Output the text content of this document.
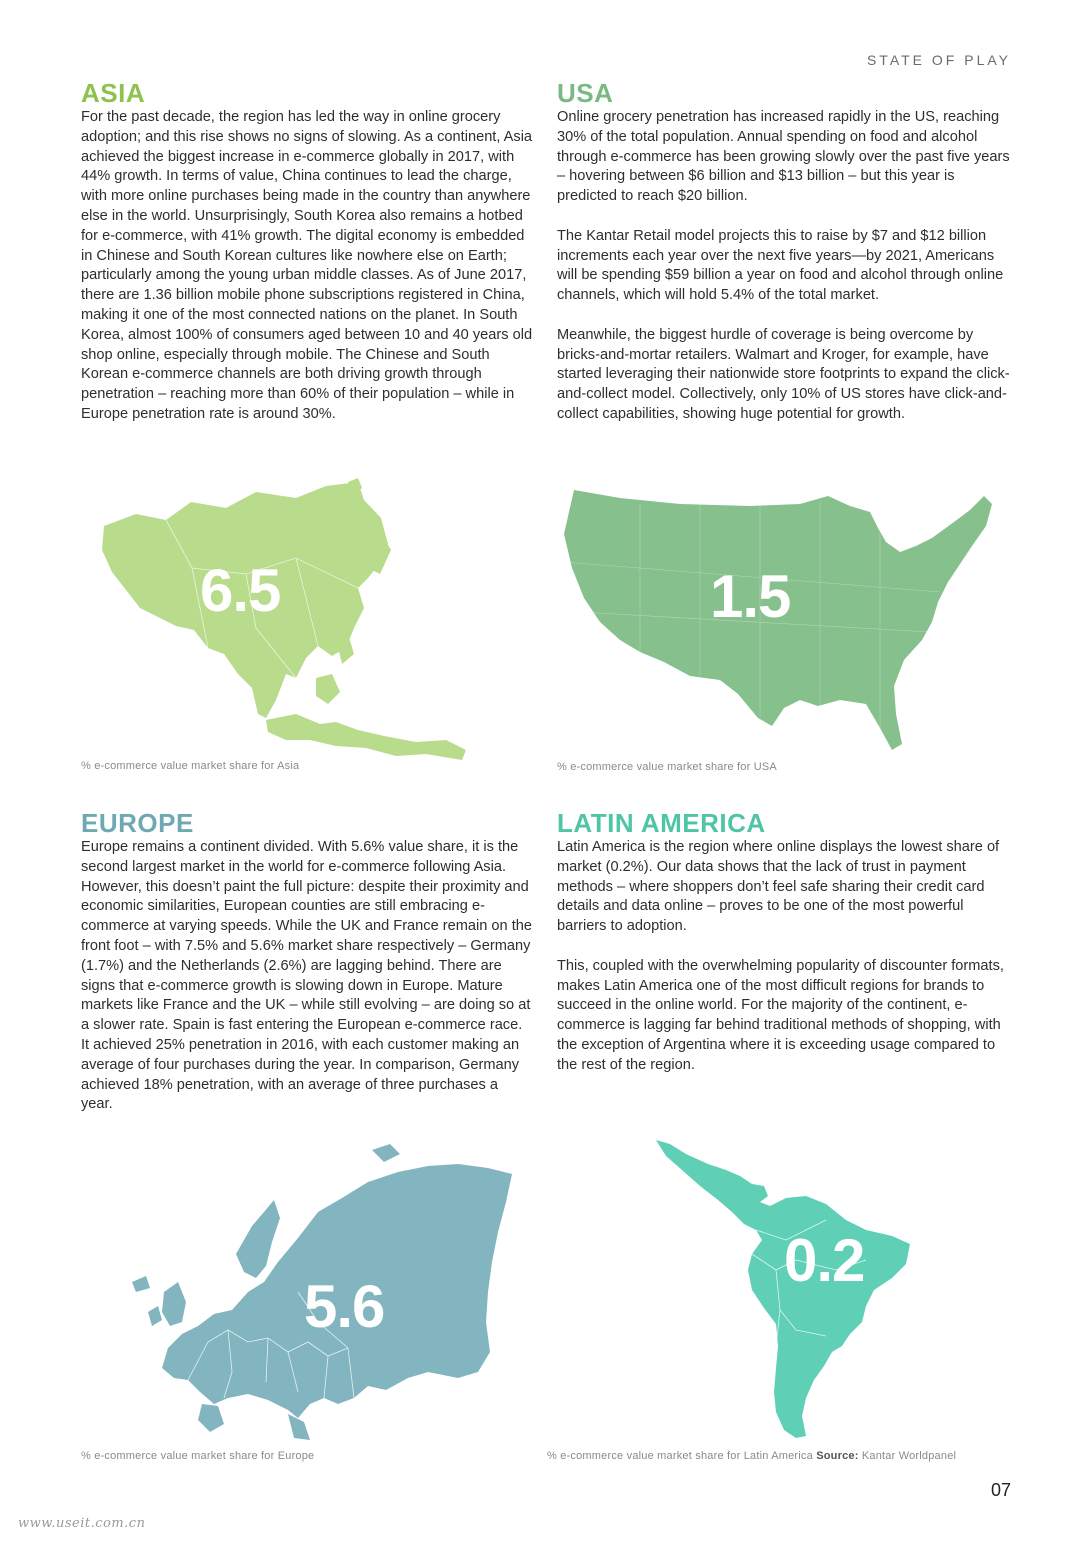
STATE OF PLAY
ASIA

For the past decade, the region has led the way in online grocery adoption; and this rise shows no signs of slowing. As a continent, Asia achieved the biggest increase in e-commerce globally in 2017, with 44% growth. In terms of value, China continues to lead the charge, with more online purchases being made in the country than anywhere else in the world. Unsurprisingly, South Korea also remains a hotbed for e-commerce, with 41% growth. The digital economy is embedded in Chinese and South Korean cultures like nowhere else on Earth; particularly among the young urban middle classes. As of June 2017, there are 1.36 billion mobile phone subscriptions registered in China, making it one of the most connected nations on the planet. In South Korea, almost 100% of consumers aged between 10 and 40 years old shop online, especially through mobile. The Chinese and South Korean e-commerce channels are both driving growth through penetration – reaching more than 60% of their population – while in Europe penetration rate is around 30%.

USA

Online grocery penetration has increased rapidly in the US, reaching 30% of the total population. Annual spending on food and alcohol through e-commerce has been growing slowly over the past five years – hovering between $6 billion and $13 billion – but this year is predicted to reach $20 billion.

The Kantar Retail model projects this to raise by $7 and $12 billion increments each year over the next five years—by 2021, Americans will be spending $59 billion a year on food and alcohol through online channels, which will hold 5.4% of the total market.

Meanwhile, the biggest hurdle of coverage is being overcome by bricks-and-mortar retailers. Walmart and Kroger, for example, have started leveraging their nationwide store footprints to expand the click-and-collect model. Collectively, only 10% of US stores have click-and-collect capabilities, showing huge potential for growth.

6.5	1.5
% e-commerce value market share for Asia	% e-commerce value market share for USA
EUROPE

Europe remains a continent divided. With 5.6% value share, it is the second largest market in the world for e-commerce following Asia. However, this doesn’t paint the full picture: despite their proximity and economic similarities, European counties are still embracing e-commerce at varying speeds. While the UK and France remain on the front foot – with 7.5% and 5.6% market share respectively – Germany (1.7%) and the Netherlands (2.6%) are lagging behind. There are signs that e-commerce growth is slowing down in Europe. Mature markets like France and the UK – while still evolving – are doing so at a slower rate. Spain is fast entering the European e-commerce race. It achieved 25% penetration in 2016, with each customer making an average of four purchases during the year. In comparison, Germany achieved 18% penetration, with an average of three purchases a year.

LATIN AMERICA

Latin America is the region where online displays the lowest share of market (0.2%). Our data shows that the lack of trust in payment methods – where shoppers don’t feel safe sharing their credit card details and data online – proves to be one of the most powerful barriers to adoption.

This, coupled with the overwhelming popularity of discounter formats, makes Latin America one of the most difficult regions for brands to succeed in the online world. For the majority of the continent, e-commerce is lagging far behind traditional methods of shopping, with the exception of Argentina where it is exceeding usage compared to the rest of the region.

5.6
0.2
% e-commerce value market share for Europe	% e-commerce value market share for Latin America Source: Kantar Worldpanel
07
www.useit.com.cn
